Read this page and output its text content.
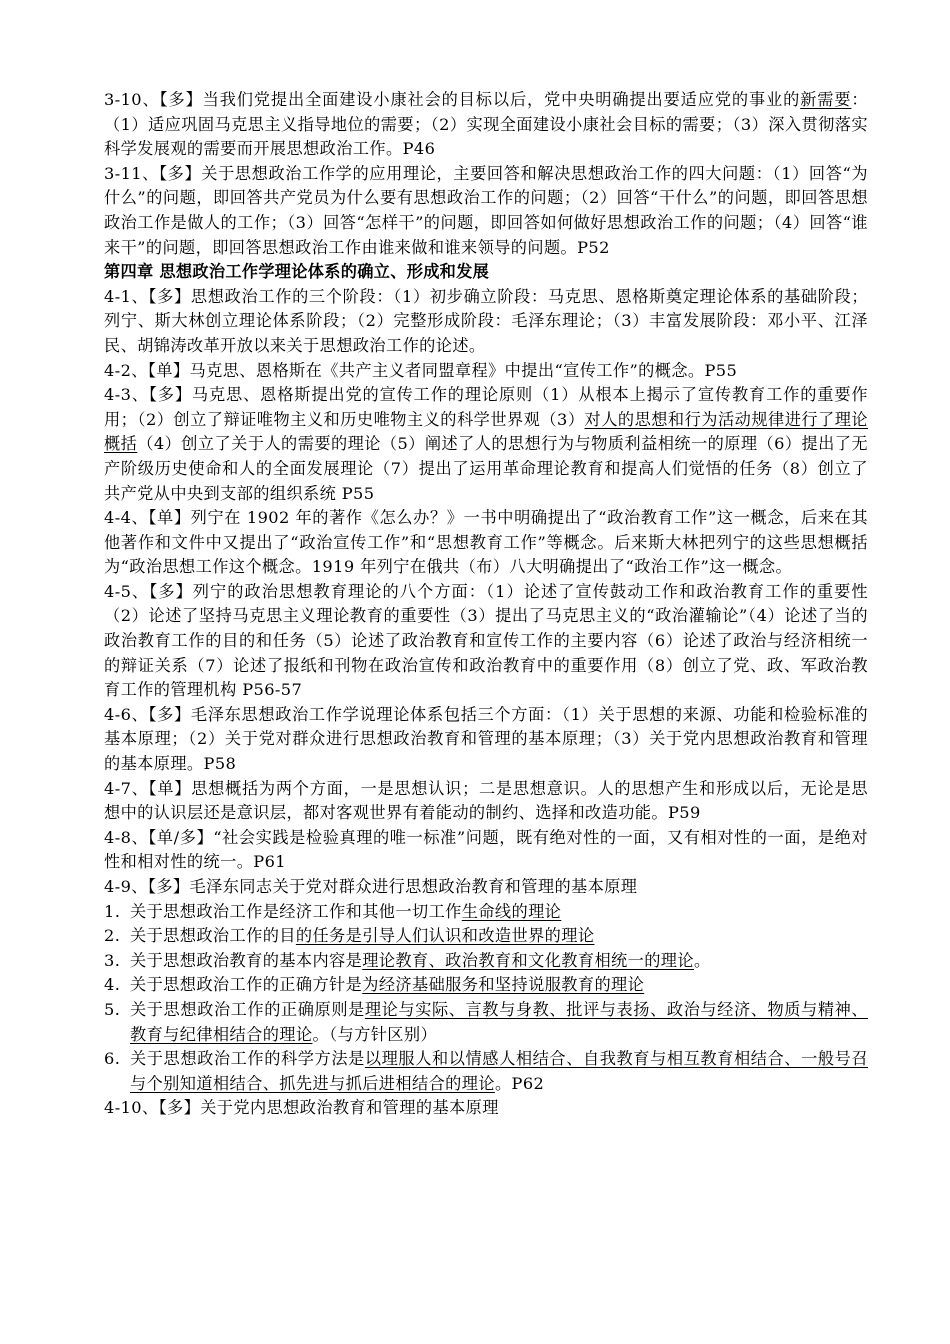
3-10、【多】当我们党提出全面建设小康社会的目标以后，党中央明确提出要适应党的事业的新需要：（1）适应巩固马克思主义指导地位的需要；（2）实现全面建设小康社会目标的需要；（3）深入贯彻落实科学发展观的需要而开展思想政治工作。P46

3-11、【多】关于思想政治工作学的应用理论，主要回答和解决思想政治工作的四大问题：（1）回答“为什么”的问题，即回答共产党员为什么要有思想政治工作的问题；（2）回答“干什么”的问题，即回答思想政治工作是做人的工作；（3）回答“怎样干”的问题，即回答如何做好思想政治工作的问题；（4）回答“谁来干”的问题，即回答思想政治工作由谁来做和谁来领导的问题。P52

第四章 思想政治工作学理论体系的确立、形成和发展

4-1、【多】思想政治工作的三个阶段：（1）初步确立阶段：马克思、恩格斯奠定理论体系的基础阶段；列宁、斯大林创立理论体系阶段；（2）完整形成阶段：毛泽东理论；（3）丰富发展阶段：邓小平、江泽民、胡锦涛改革开放以来关于思想政治工作的论述。

4-2、【单】马克思、恩格斯在《共产主义者同盟章程》中提出“宣传工作”的概念。P55

4-3、【多】马克思、恩格斯提出党的宣传工作的理论原则（1）从根本上揭示了宣传教育工作的重要作用；（2）创立了辩证唯物主义和历史唯物主义的科学世界观（3）对人的思想和行为活动规律进行了理论概括（4）创立了关于人的需要的理论（5）阐述了人的思想行为与物质利益相统一的原理（6）提出了无产阶级历史使命和人的全面发展理论（7）提出了运用革命理论教育和提高人们觉悟的任务（8）创立了共产党从中央到支部的组织系统 P55

4-4、【单】列宁在 1902 年的著作《怎么办？》一书中明确提出了“政治教育工作”这一概念，后来在其他著作和文件中又提出了“政治宣传工作”和“思想教育工作”等概念。后来斯大林把列宁的这些思想概括为“政治思想工作这个概念。1919 年列宁在俄共（布）八大明确提出了“政治工作”这一概念。

4-5、【多】列宁的政治思想教育理论的八个方面：（1）论述了宣传鼓动工作和政治教育工作的重要性（2）论述了坚持马克思主义理论教育的重要性（3）提出了马克思主义的“政治灌输论”（4）论述了当的政治教育工作的目的和任务（5）论述了政治教育和宣传工作的主要内容（6）论述了政治与经济相统一的辩证关系（7）论述了报纸和刊物在政治宣传和政治教育中的重要作用（8）创立了党、政、军政治教育工作的管理机构 P56-57

4-6、【多】毛泽东思想政治工作学说理论体系包括三个方面：（1）关于思想的来源、功能和检验标准的基本原理；（2）关于党对群众进行思想政治教育和管理的基本原理；（3）关于党内思想政治教育和管理的基本原理。P58

4-7、【单】思想概括为两个方面，一是思想认识；二是思想意识。人的思想产生和形成以后，无论是思想中的认识层还是意识层，都对客观世界有着能动的制约、选择和改造功能。P59

4-8、【单/多】“社会实践是检验真理的唯一标准”问题，既有绝对性的一面，又有相对性的一面，是绝对性和相对性的统一。P61

4-9、【多】毛泽东同志关于党对群众进行思想政治教育和管理的基本原理

1. 关于思想政治工作是经济工作和其他一切工作生命线的理论
2. 关于思想政治工作的目的任务是引导人们认识和改造世界的理论
3. 关于思想政治教育的基本内容是理论教育、政治教育和文化教育相统一的理论。
4. 关于思想政治工作的正确方针是为经济基础服务和坚持说服教育的理论
5. 关于思想政治工作的正确原则是理论与实际、言教与身教、批评与表扬、政治与经济、物质与精神、教育与纪律相结合的理论。（与方针区别）
6. 关于思想政治工作的科学方法是以理服人和以情感人相结合、自我教育与相互教育相结合、一般号召与个别知道相结合、抓先进与抓后进相结合的理论。P62

4-10、【多】关于党内思想政治教育和管理的基本原理
